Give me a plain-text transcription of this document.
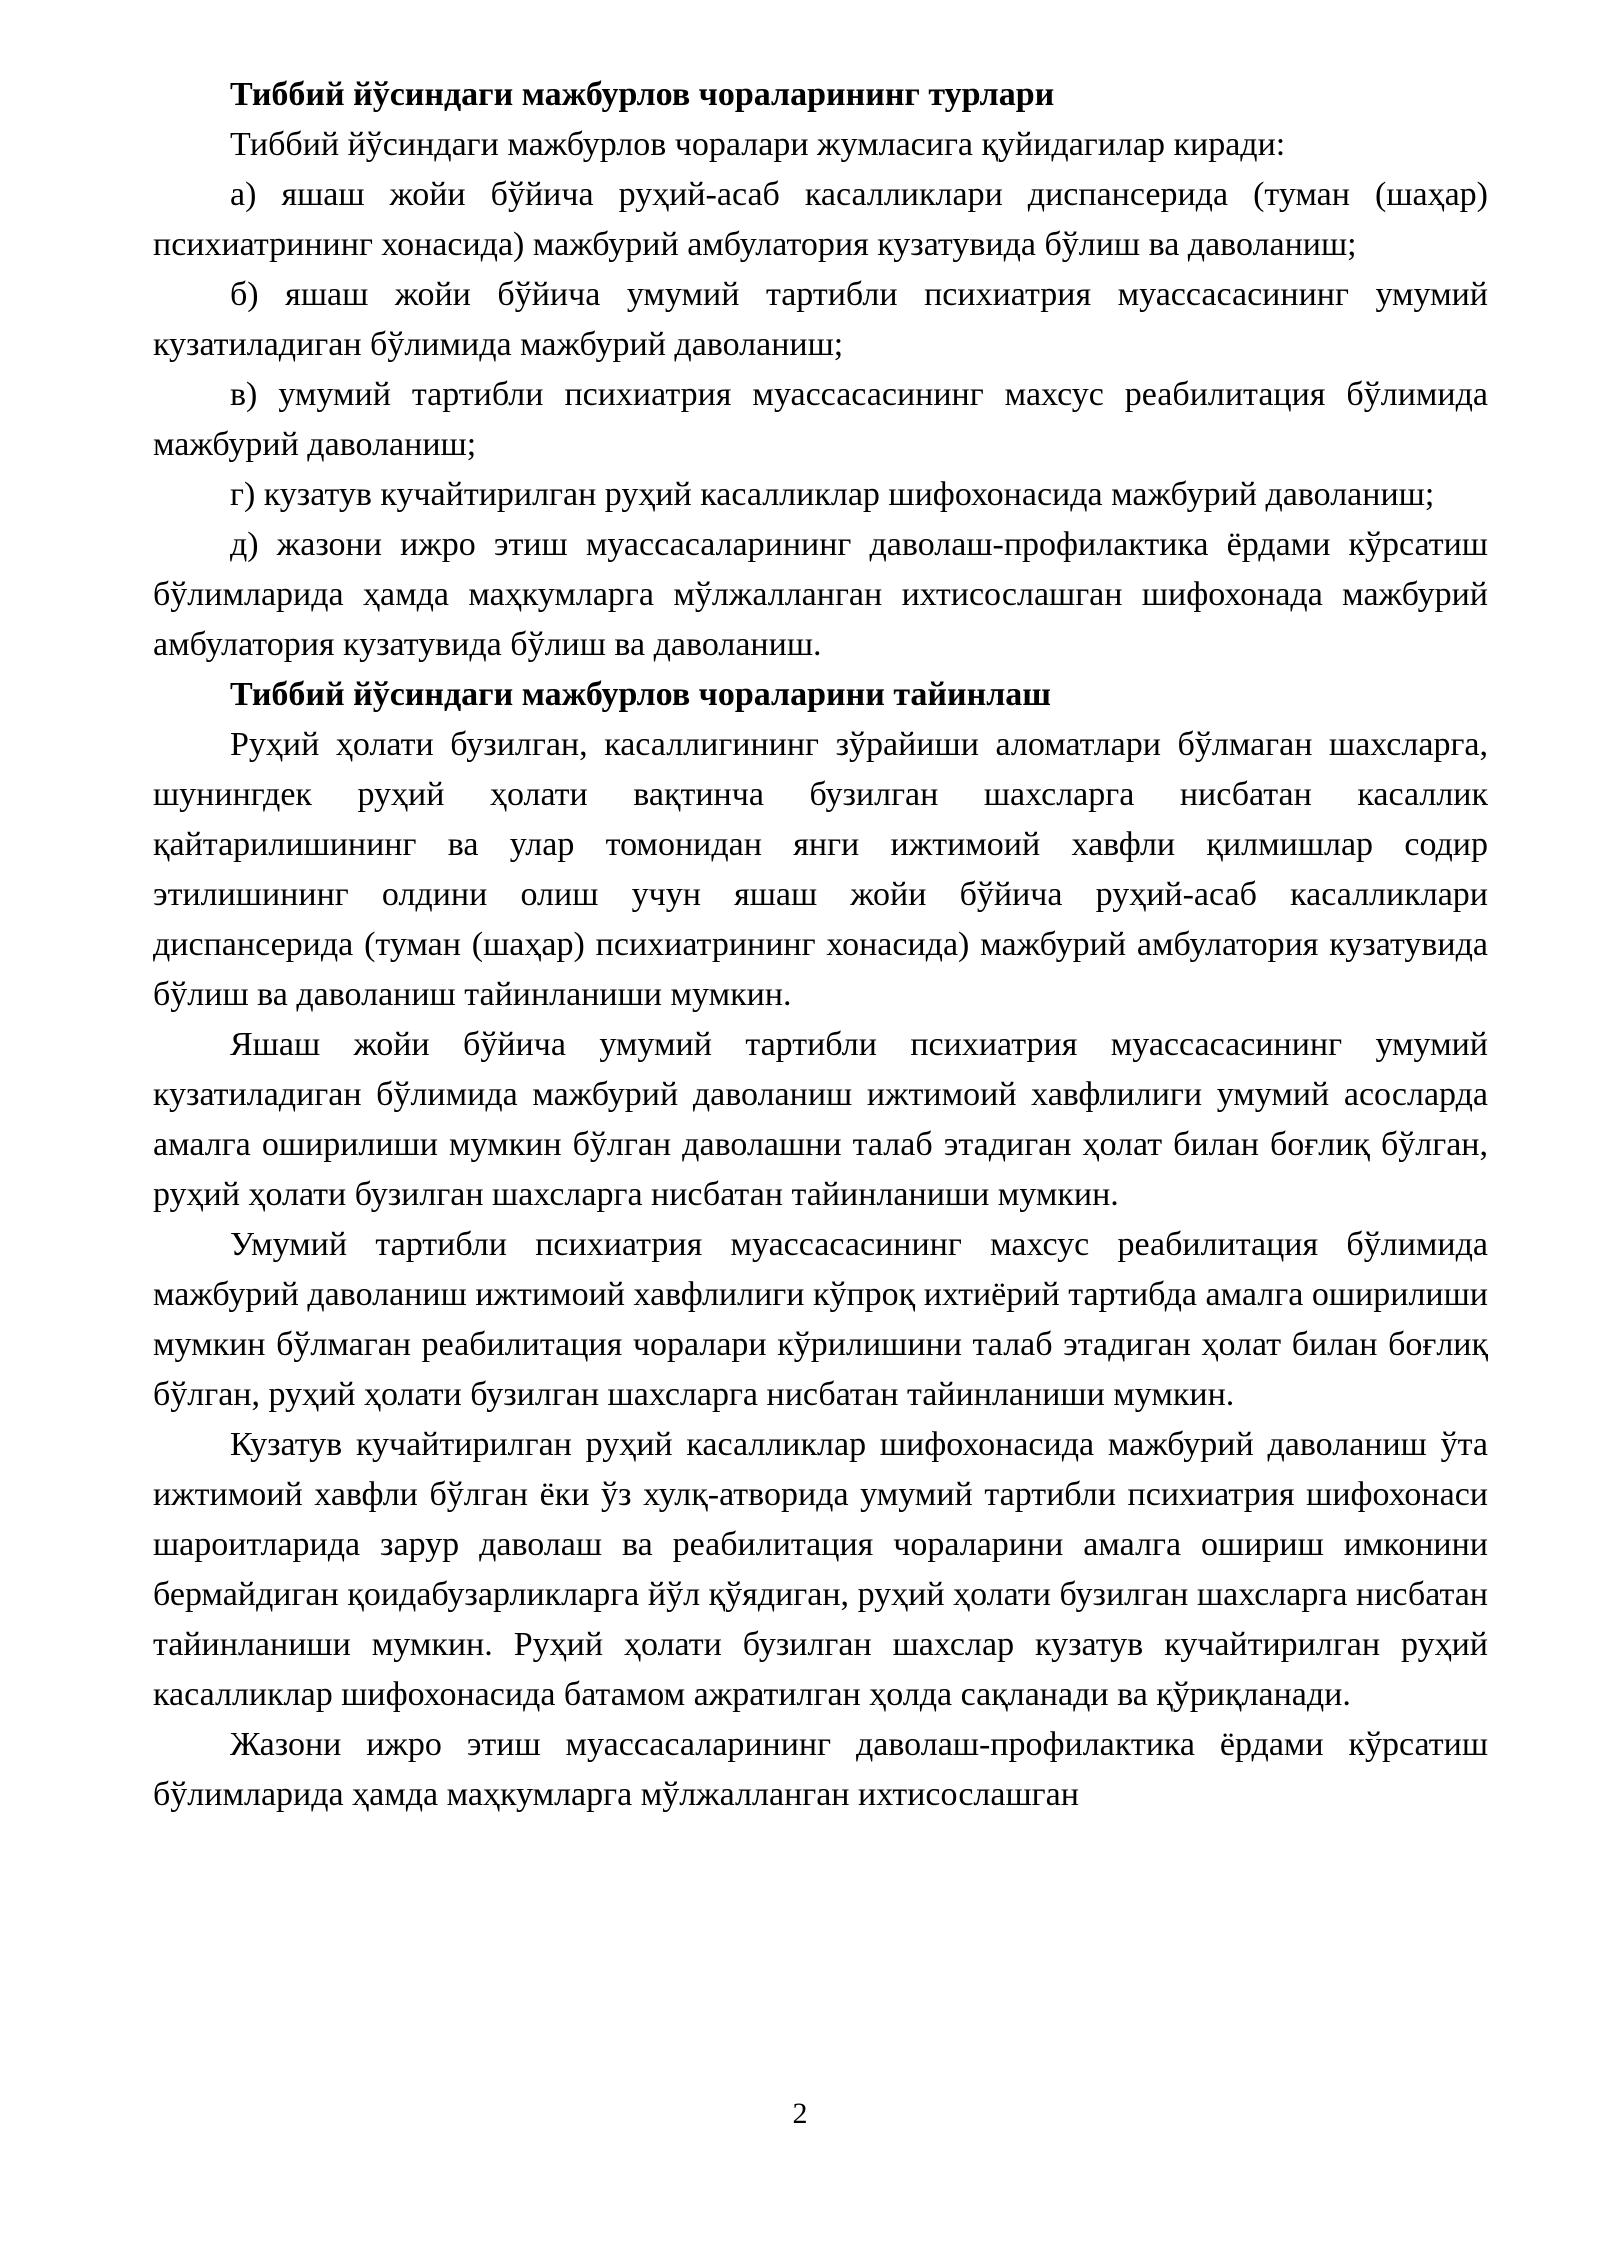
Тиббий йўсиндаги мажбурлов чораларининг турлари

Тиббий йўсиндаги мажбурлов чоралари жумласига қуйидагилар киради:

а) яшаш жойи бўйича руҳий-асаб касалликлари диспансерида (туман (шаҳар) психиатрининг хонасида) мажбурий амбулатория кузатувида бўлиш ва даволаниш;

б) яшаш жойи бўйича умумий тартибли психиатрия муассасасининг умумий кузатиладиган бўлимида мажбурий даволаниш;

в) умумий тартибли психиатрия муассасасининг махсус реабилитация бўлимида мажбурий даволаниш;

г) кузатув кучайтирилган руҳий касалликлар шифохонасида мажбурий даволаниш;

д) жазони ижро этиш муассасаларининг даволаш-профилактика ёрдами кўрсатиш бўлимларида ҳамда маҳкумларга мўлжалланган ихтисослашган шифохонада мажбурий амбулатория кузатувида бўлиш ва даволаниш.

Тиббий йўсиндаги мажбурлов чораларини тайинлаш

Руҳий ҳолати бузилган, касаллигининг зўрайиши аломатлари бўлмаган шахсларга, шунингдек руҳий ҳолати вақтинча бузилган шахсларга нисбатан касаллик қайтарилишининг ва улар томонидан янги ижтимоий хавфли қилмишлар содир этилишининг олдини олиш учун яшаш жойи бўйича руҳий-асаб касалликлари диспансерида (туман (шаҳар) психиатрининг хонасида) мажбурий амбулатория кузатувида бўлиш ва даволаниш тайинланиши мумкин.

Яшаш жойи бўйича умумий тартибли психиатрия муассасасининг умумий кузатиладиган бўлимида мажбурий даволаниш ижтимоий хавфлилиги умумий асосларда амалга оширилиши мумкин бўлган даволашни талаб этадиган ҳолат билан боғлиқ бўлган, руҳий ҳолати бузилган шахсларга нисбатан тайинланиши мумкин.

Умумий тартибли психиатрия муассасасининг махсус реабилитация бўлимида мажбурий даволаниш ижтимоий хавфлилиги кўпроқ ихтиёрий тартибда амалга оширилиши мумкин бўлмаган реабилитация чоралари кўрилишини талаб этадиган ҳолат билан боғлиқ бўлган, руҳий ҳолати бузилган шахсларга нисбатан тайинланиши мумкин.

Кузатув кучайтирилган руҳий касалликлар шифохонасида мажбурий даволаниш ўта ижтимоий хавфли бўлган ёки ўз хулқ-атворида умумий тартибли психиатрия шифохонаси шароитларида зарур даволаш ва реабилитация чораларини амалга ошириш имконини бермайдиган қоидабузарликларга йўл қўядиган, руҳий ҳолати бузилган шахсларга нисбатан тайинланиши мумкин. Руҳий ҳолати бузилган шахслар кузатув кучайтирилган руҳий касалликлар шифохонасида батамом ажратилган ҳолда сақланади ва қўриқланади.

Жазони ижро этиш муассасаларининг даволаш-профилактика ёрдами кўрсатиш бўлимларида ҳамда маҳкумларга мўлжалланган ихтисослашган

2
